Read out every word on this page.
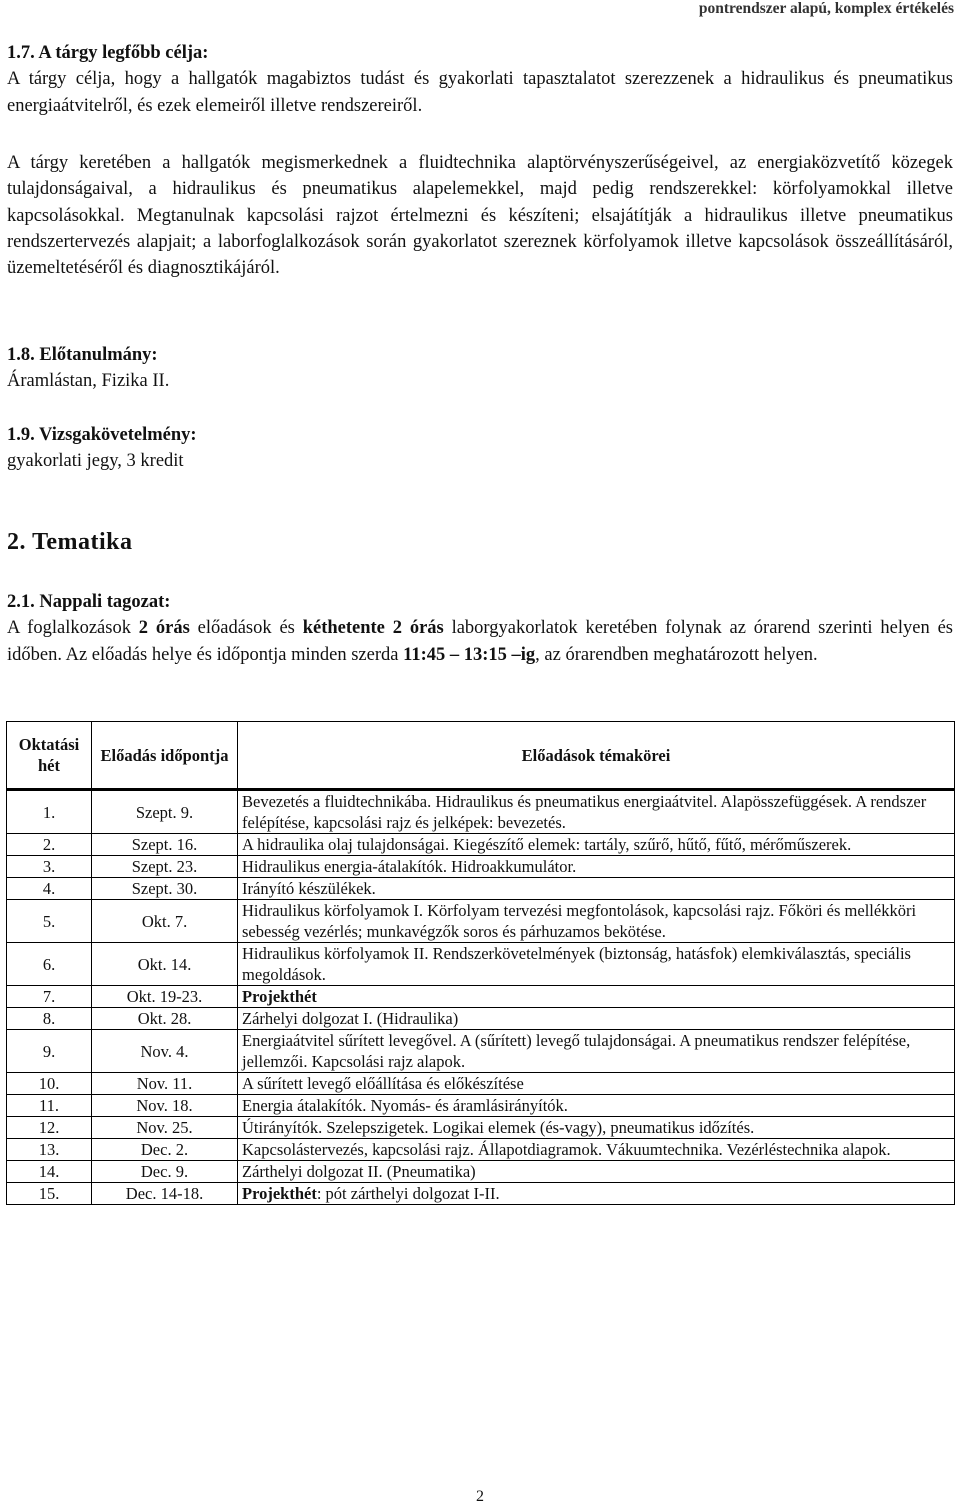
pontrendszer alapú, komplex értékelés
1.7. A tárgy legfőbb célja:
A tárgy célja, hogy a hallgatók magabiztos tudást és gyakorlati tapasztalatot szerezzenek a hidraulikus és pneumatikus energiaátvitelről, és ezek elemeiről illetve rendszereiről.
A tárgy keretében a hallgatók megismerkednek a fluidtechnika alaptörvényszerűségeivel, az energiaközvetítő közegek tulajdonságaival, a hidraulikus és pneumatikus alapelemekkel, majd pedig rendszerekkel: körfolyamokkal illetve kapcsolásokkal. Megtanulnak kapcsolási rajzot értelmezni és készíteni; elsajátítják a hidraulikus illetve pneumatikus rendszertervezés alapjait; a laborfoglalkozások során gyakorlatot szereznek körfolyamok illetve kapcsolások összeállításáról, üzemeltetéséről és diagnosztikájáról.
1.8. Előtanulmány:
Áramlástan, Fizika II.
1.9. Vizsgakövetelmény:
gyakorlati jegy, 3 kredit
2. Tematika
2.1. Nappali tagozat:
A foglalkozások 2 órás előadások és kéthetente 2 órás laborgyakorlatok keretében folynak az órarend szerinti helyen és időben. Az előadás helye és időpontja minden szerda 11:45 – 13:15 –ig, az órarendben meghatározott helyen.
Oktatási hét	Előadás időpontja	Előadások témakörei
1.	Szept. 9.	Bevezetés a fluidtechnikába. Hidraulikus és pneumatikus energiaátvitel. Alapösszefüggések. A rendszer felépítése, kapcsolási rajz és jelképek: bevezetés.
2.	Szept. 16.	A hidraulika olaj tulajdonságai. Kiegészítő elemek: tartály, szűrő, hűtő, fűtő, mérőműszerek.
3.	Szept. 23.	Hidraulikus energia-átalakítók. Hidroakkumulátor.
4.	Szept. 30.	Irányító készülékek.
5.	Okt. 7.	Hidraulikus körfolyamok I. Körfolyam tervezési megfontolások, kapcsolási rajz. Főköri és mellékköri sebesség vezérlés; munkavégzők soros és párhuzamos bekötése.
6.	Okt. 14.	Hidraulikus körfolyamok II. Rendszerkövetelmények (biztonság, hatásfok) elemkiválasztás, speciális megoldások.
7.	Okt. 19-23.	Projekthét
8.	Okt. 28.	Zárhelyi dolgozat I. (Hidraulika)
9.	Nov. 4.	Energiaátvitel sűrített levegővel. A (sűrített) levegő tulajdonságai. A pneumatikus rendszer felépítése, jellemzői. Kapcsolási rajz alapok.
10.	Nov. 11.	A sűrített levegő előállítása és előkészítése
11.	Nov. 18.	Energia átalakítók. Nyomás- és áramlásirányítók.
12.	Nov. 25.	Útirányítók. Szelepszigetek. Logikai elemek (és-vagy), pneumatikus időzítés.
13.	Dec. 2.	Kapcsolástervezés, kapcsolási rajz. Állapotdiagramok. Vákuumtechnika. Vezérléstechnika alapok.
14.	Dec. 9.	Zárthelyi dolgozat II. (Pneumatika)
15.	Dec. 14-18.	Projekthét: pót zárthelyi dolgozat I-II.
2
